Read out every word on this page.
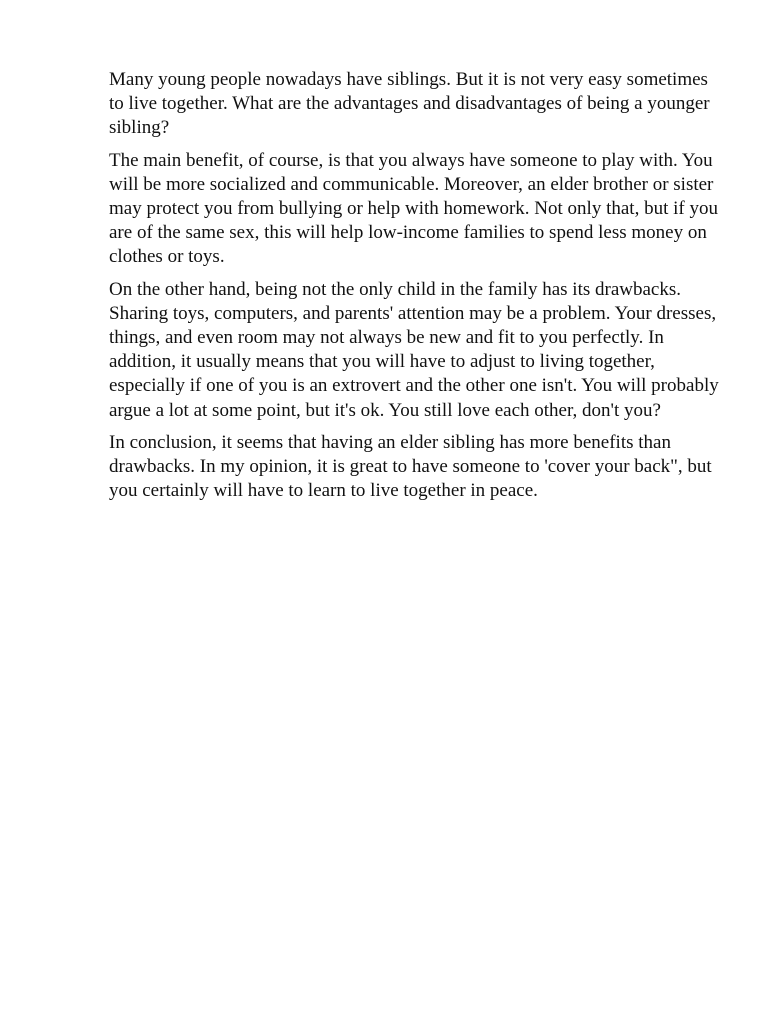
Many young people nowadays have siblings. But it is not very easy sometimes to live together. What are the advantages and disadvantages of being a younger sibling?

The main benefit, of course, is that you always have someone to play with. You will be more socialized and communicable. Moreover, an elder brother or sister may protect you from bullying or help with homework. Not only that, but if you are of the same sex, this will help low-income families to spend less money on clothes or toys.

On the other hand, being not the only child in the family has its drawbacks. Sharing toys, computers, and parents' attention may be a problem. Your dresses, things, and even room may not always be new and fit to you perfectly. In addition, it usually means that you will have to adjust to living together, especially if one of you is an extrovert and the other one isn't. You will probably argue a lot at some point, but it's ok. You still love each other, don't you?

In conclusion, it seems that having an elder sibling has more benefits than drawbacks. In my opinion, it is great to have someone to 'cover your back", but you certainly will have to learn to live together in peace.
